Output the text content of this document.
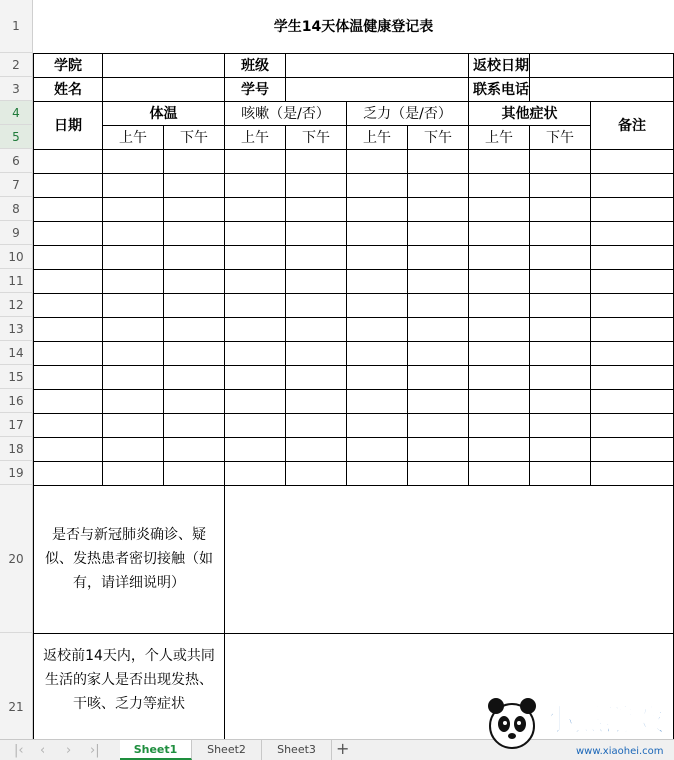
1
2
3
4
5
6
7
8
9
10
11
12
13
14
15
16
17
18
19
20
21
学生14天体温健康登记表									
学院			班级				返校日期		
姓名			学号				联系电话		
日期	体温		咳嗽（是/否）		乏力（是/否）		其他症状		备注
	上午	下午	上午	下午	上午	下午	上午	下午	

是否与新冠肺炎确诊、疑似、发热患者密切接触（如有，请详细说明）									
返校前14天内，个人或共同生活的家人是否出现发热、干咳、乏力等症状									
|‹ ‹ › ›|	Sheet1	Sheet2	Sheet3	+
小黑游戏
www.xiaohei.com
